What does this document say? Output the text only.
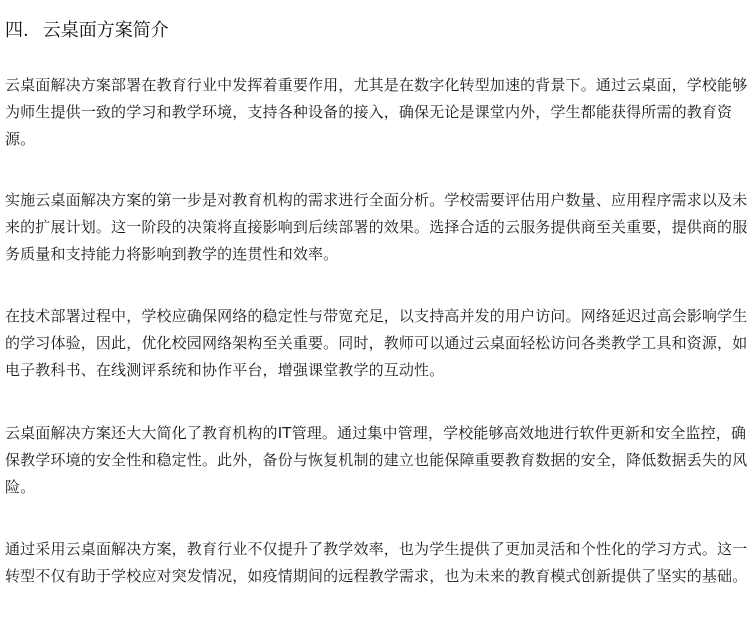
四. 云桌面方案简介

云桌面解决方案部署在教育行业中发挥着重要作用，尤其是在数字化转型加速的背景下。通过云桌面，学校能够为师生提供一致的学习和教学环境，支持各种设备的接入，确保无论是课堂内外，学生都能获得所需的教育资源。

实施云桌面解决方案的第一步是对教育机构的需求进行全面分析。学校需要评估用户数量、应用程序需求以及未来的扩展计划。这一阶段的决策将直接影响到后续部署的效果。选择合适的云服务提供商至关重要，提供商的服务质量和支持能力将影响到教学的连贯性和效率。

在技术部署过程中，学校应确保网络的稳定性与带宽充足，以支持高并发的用户访问。网络延迟过高会影响学生的学习体验，因此，优化校园网络架构至关重要。同时，教师可以通过云桌面轻松访问各类教学工具和资源，如电子教科书、在线测评系统和协作平台，增强课堂教学的互动性。

云桌面解决方案还大大简化了教育机构的IT管理。通过集中管理，学校能够高效地进行软件更新和安全监控，确保教学环境的安全性和稳定性。此外，备份与恢复机制的建立也能保障重要教育数据的安全，降低数据丢失的风险。

通过采用云桌面解决方案，教育行业不仅提升了教学效率，也为学生提供了更加灵活和个性化的学习方式。这一转型不仅有助于学校应对突发情况，如疫情期间的远程教学需求，也为未来的教育模式创新提供了坚实的基础。
